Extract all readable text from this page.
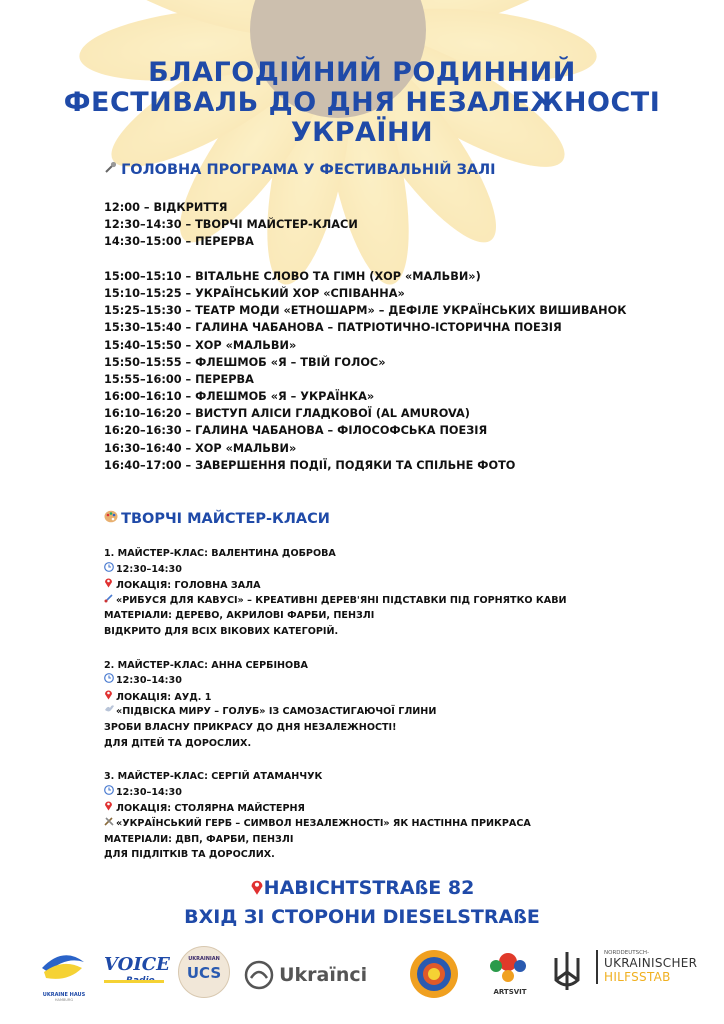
БЛАГОДІЙНИЙ РОДИННИЙ
ФЕСТИВАЛЬ ДО ДНЯ НЕЗАЛЕЖНОСТІ
УКРАЇНИ
ГОЛОВНА ПРОГРАМА У ФЕСТИВАЛЬНІЙ ЗАЛІ
12:00 – ВІДКРИТТЯ
12:30–14:30 – ТВОРЧІ МАЙСТЕР-КЛАСИ
14:30–15:00 – ПЕРЕРВА
15:00–15:10 – ВІТАЛЬНЕ СЛОВО ТА ГІМН (ХОР «МАЛЬВИ»)
15:10–15:25 – УКРАЇНСЬКИЙ ХОР «СПІВАННА»
15:25–15:30 – ТЕАТР МОДИ «ЕТНОШАРМ» – ДЕФІЛЕ УКРАЇНСЬКИХ ВИШИВАНОК
15:30–15:40 – ГАЛИНА ЧАБАНОВА – ПАТРІОТИЧНО-ІСТОРИЧНА ПОЕЗІЯ
15:40–15:50 – ХОР «МАЛЬВИ»
15:50–15:55 – ФЛЕШМОБ «Я – ТВІЙ ГОЛОС»
15:55–16:00 – ПЕРЕРВА
16:00–16:10 – ФЛЕШМОБ «Я – УКРАЇНКА»
16:10–16:20 – ВИСТУП АЛІСИ ГЛАДКОВОЇ (AL AMUROVA)
16:20–16:30 – ГАЛИНА ЧАБАНОВА – ФІЛОСОФСЬКА ПОЕЗІЯ
16:30–16:40 – ХОР «МАЛЬВИ»
16:40–17:00 – ЗАВЕРШЕННЯ ПОДІЇ, ПОДЯКИ ТА СПІЛЬНЕ ФОТО
ТВОРЧІ МАЙСТЕР-КЛАСИ
1. МАЙСТЕР-КЛАС: ВАЛЕНТИНА ДОБРОВА
12:30–14:30
ЛОКАЦІЯ: ГОЛОВНА ЗАЛА
«РИБУСЯ ДЛЯ КАВУСІ» – КРЕАТИВНІ ДЕРЕВ'ЯНІ ПІДСТАВКИ ПІД ГОРНЯТКО КАВИ
МАТЕРІАЛИ: ДЕРЕВО, АКРИЛОВІ ФАРБИ, ПЕНЗЛІ
ВІДКРИТО ДЛЯ ВСІХ ВІКОВИХ КАТЕГОРІЙ.
2. МАЙСТЕР-КЛАС: АННА СЕРБІНОВА
12:30–14:30
ЛОКАЦІЯ: АУД. 1
«ПІДВІСКА МИРУ – ГОЛУБ» ІЗ САМОЗАСТИГАЮЧОЇ ГЛИНИ
ЗРОБИ ВЛАСНУ ПРИКРАСУ ДО ДНЯ НЕЗАЛЕЖНОСТІ!
ДЛЯ ДІТЕЙ ТА ДОРОСЛИХ.
3. МАЙСТЕР-КЛАС: СЕРГІЙ АТАМАНЧУК
12:30–14:30
ЛОКАЦІЯ: СТОЛЯРНА МАЙСТЕРНЯ
«УКРАЇНСЬКИЙ ГЕРБ – СИМВОЛ НЕЗАЛЕЖНОСТІ» ЯК НАСТІННА ПРИКРАСА
МАТЕРІАЛИ: ДВП, ФАРБИ, ПЕНЗЛІ
ДЛЯ ПІДЛІТКІВ ТА ДОРОСЛИХ.
HABICHTSTRAßE 82
ВХІД ЗІ СТОРОНИ DIESELSTRAßE
UKRAINE HAUS
HAMBURG
VOICE	UKRAINIAN
UCS	Ukraїnci
ARTSVIT
NORDDEUTSCH-
UKRAINISCHER
HILFSSTAB
